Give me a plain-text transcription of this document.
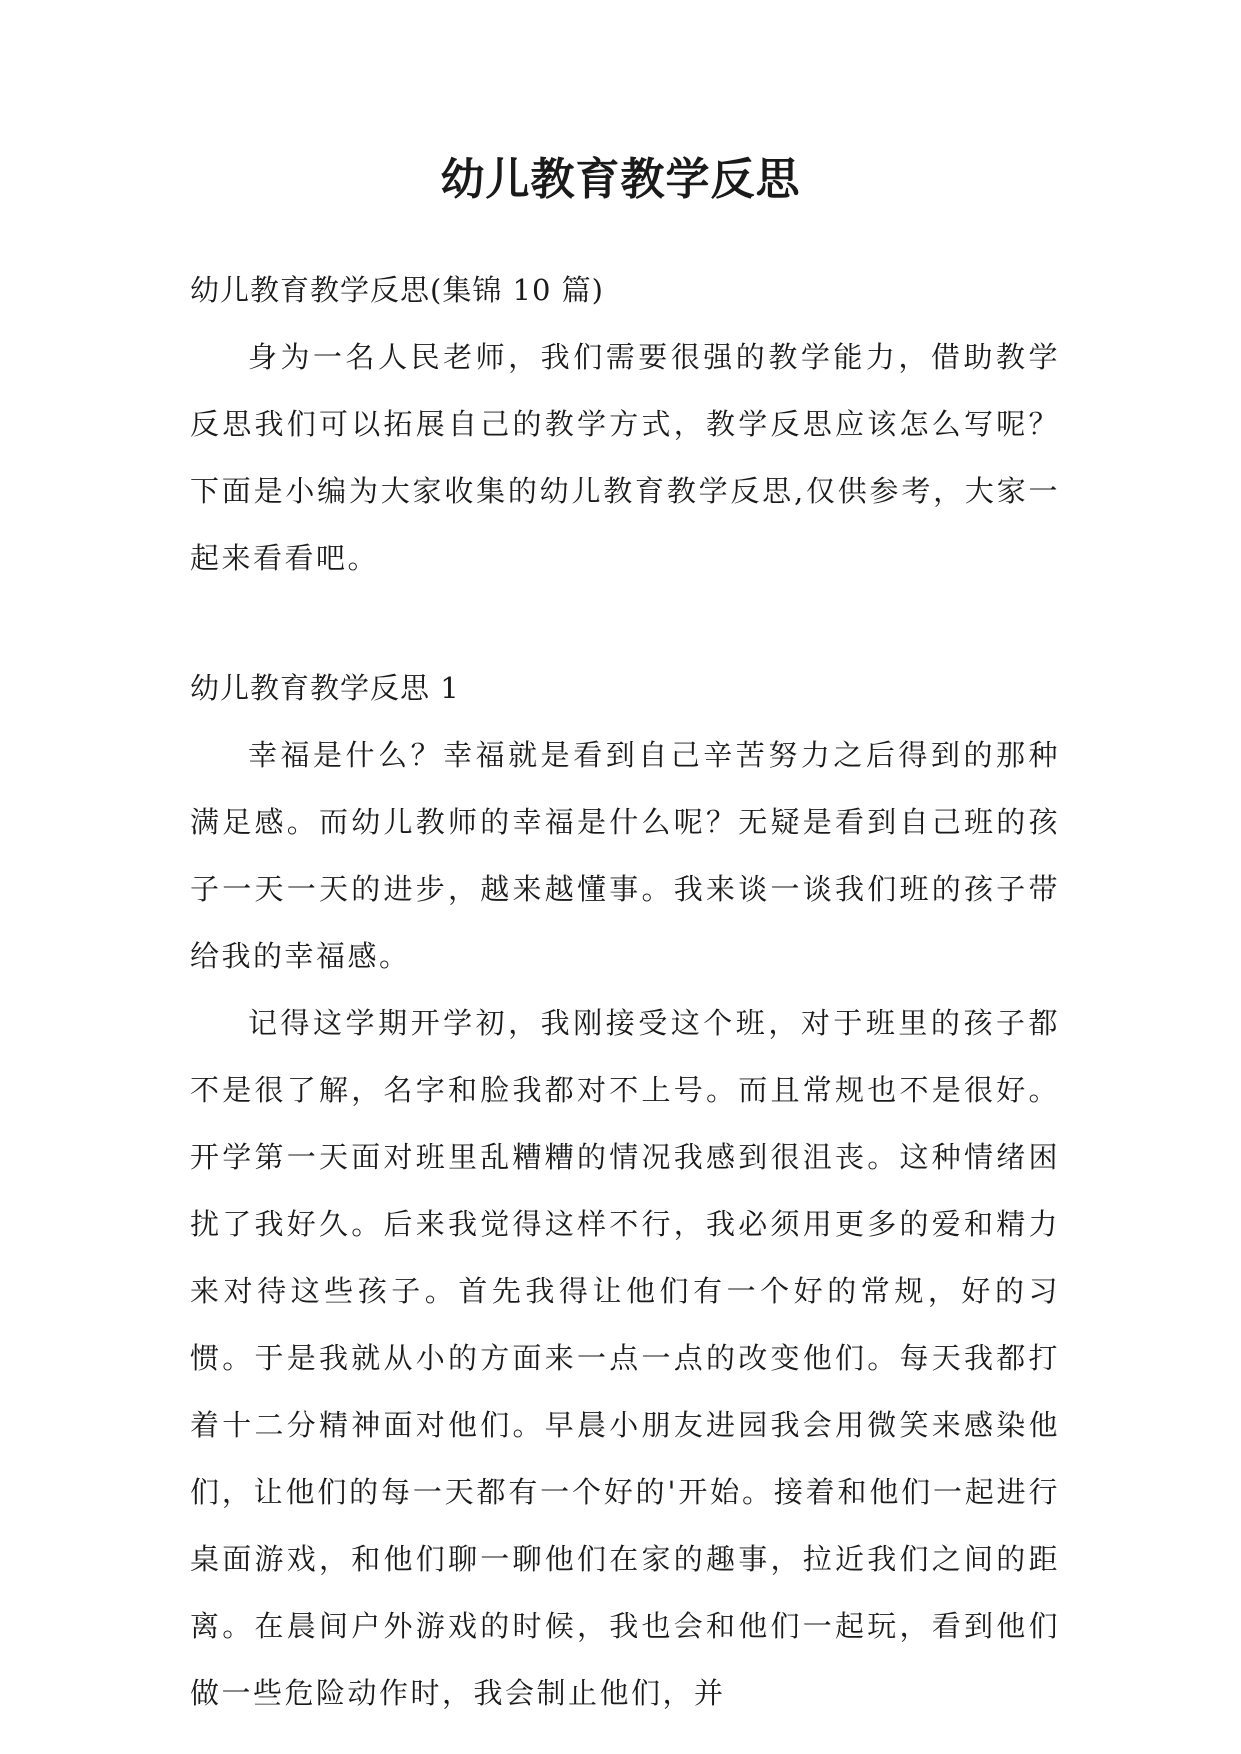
幼儿教育教学反思
幼儿教育教学反思(集锦 10 篇)

身为一名人民老师，我们需要很强的教学能力，借助教学反思我们可以拓展自己的教学方式，教学反思应该怎么写呢？下面是小编为大家收集的幼儿教育教学反思,仅供参考，大家一起来看看吧。

幼儿教育教学反思 1

幸福是什么？幸福就是看到自己辛苦努力之后得到的那种满足感。而幼儿教师的幸福是什么呢？无疑是看到自己班的孩子一天一天的进步，越来越懂事。我来谈一谈我们班的孩子带给我的幸福感。

记得这学期开学初，我刚接受这个班，对于班里的孩子都不是很了解，名字和脸我都对不上号。而且常规也不是很好。开学第一天面对班里乱糟糟的情况我感到很沮丧。这种情绪困扰了我好久。后来我觉得这样不行，我必须用更多的爱和精力来对待这些孩子。首先我得让他们有一个好的常规，好的习惯。于是我就从小的方面来一点一点的改变他们。每天我都打着十二分精神面对他们。早晨小朋友进园我会用微笑来感染他们，让他们的每一天都有一个好的'开始。接着和他们一起进行桌面游戏，和他们聊一聊他们在家的趣事，拉近我们之间的距离。在晨间户外游戏的时候，我也会和他们一起玩，看到他们做一些危险动作时，我会制止他们，并
